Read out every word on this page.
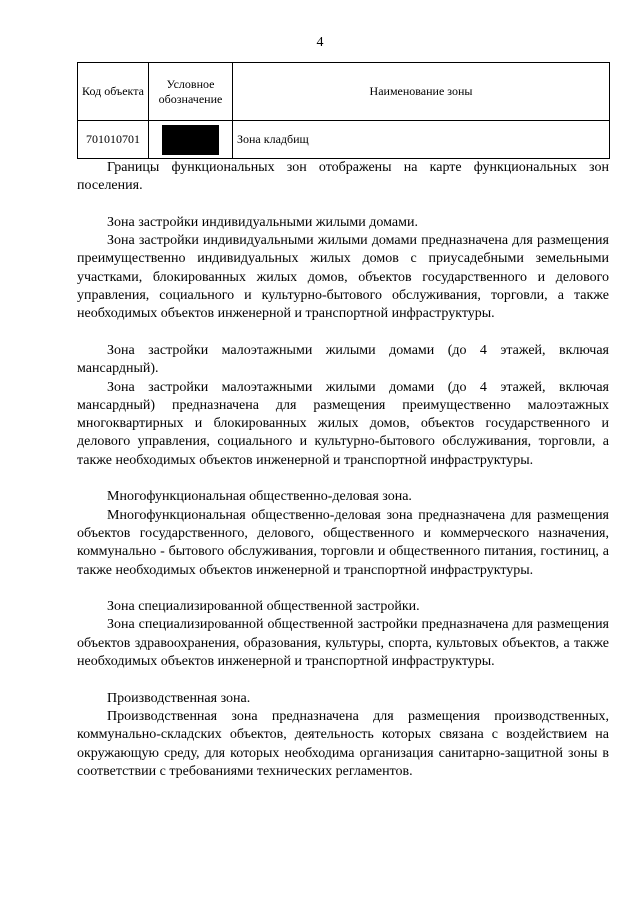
4
Код объекта	Условное обозначение	Наименование зоны
701010701		Зона кладбищ

Границы функциональных зон отображены на карте функциональных зон поселения.

Зона застройки индивидуальными жилыми домами.

Зона застройки индивидуальными жилыми домами предназначена для размещения преимущественно индивидуальных жилых домов с приусадебными земельными участками, блокированных жилых домов, объектов государственного и делового управления, социального и культурно-бытового обслуживания, торговли, а также необходимых объектов инженерной и транспортной инфраструктуры.

Зона застройки малоэтажными жилыми домами (до 4 этажей, включая мансардный).

Зона застройки малоэтажными жилыми домами (до 4 этажей, включая мансардный) предназначена для размещения преимущественно малоэтажных многоквартирных и блокированных жилых домов, объектов государственного и делового управления, социального и культурно-бытового обслуживания, торговли, а также необходимых объектов инженерной и транспортной инфраструктуры.

Многофункциональная общественно-деловая зона.

Многофункциональная общественно-деловая зона предназначена для размещения объектов государственного, делового, общественного и коммерческого назначения, коммунально - бытового обслуживания, торговли и общественного питания, гостиниц, а также необходимых объектов инженерной и транспортной инфраструктуры.

Зона специализированной общественной застройки.

Зона специализированной общественной застройки предназначена для размещения объектов здравоохранения, образования, культуры, спорта, культовых объектов, а также необходимых объектов инженерной и транспортной инфраструктуры.

Производственная зона.

Производственная зона предназначена для размещения производственных, коммунально-складских объектов, деятельность которых связана с воздействием на окружающую среду, для которых необходима организация санитарно-защитной зоны в соответствии с требованиями технических регламентов.
